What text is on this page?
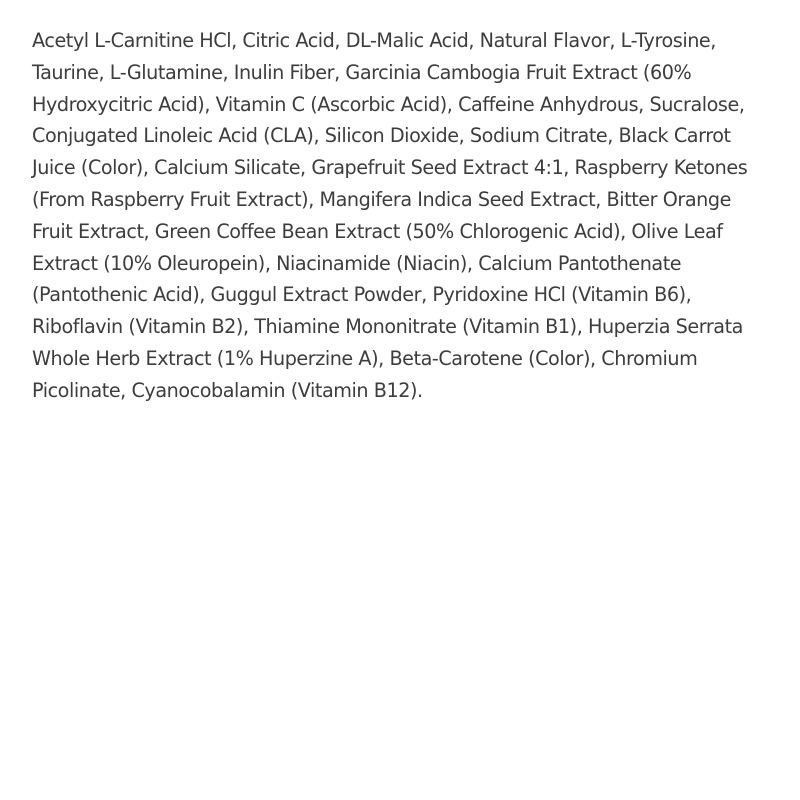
Acetyl L-Carnitine HCl, Citric Acid, DL-Malic Acid, Natural Flavor, L-Tyrosine,
Taurine, L-Glutamine, Inulin Fiber, Garcinia Cambogia Fruit Extract (60%
Hydroxycitric Acid), Vitamin C (Ascorbic Acid), Caffeine Anhydrous, Sucralose,
Conjugated Linoleic Acid (CLA), Silicon Dioxide, Sodium Citrate, Black Carrot
Juice (Color), Calcium Silicate, Grapefruit Seed Extract 4:1, Raspberry Ketones
(From Raspberry Fruit Extract), Mangifera Indica Seed Extract, Bitter Orange
Fruit Extract, Green Coffee Bean Extract (50% Chlorogenic Acid), Olive Leaf
Extract (10% Oleuropein), Niacinamide (Niacin), Calcium Pantothenate
(Pantothenic Acid), Guggul Extract Powder, Pyridoxine HCl (Vitamin B6),
Riboflavin (Vitamin B2), Thiamine Mononitrate (Vitamin B1), Huperzia Serrata
Whole Herb Extract (1% Huperzine A), Beta-Carotene (Color), Chromium
Picolinate, Cyanocobalamin (Vitamin B12).
